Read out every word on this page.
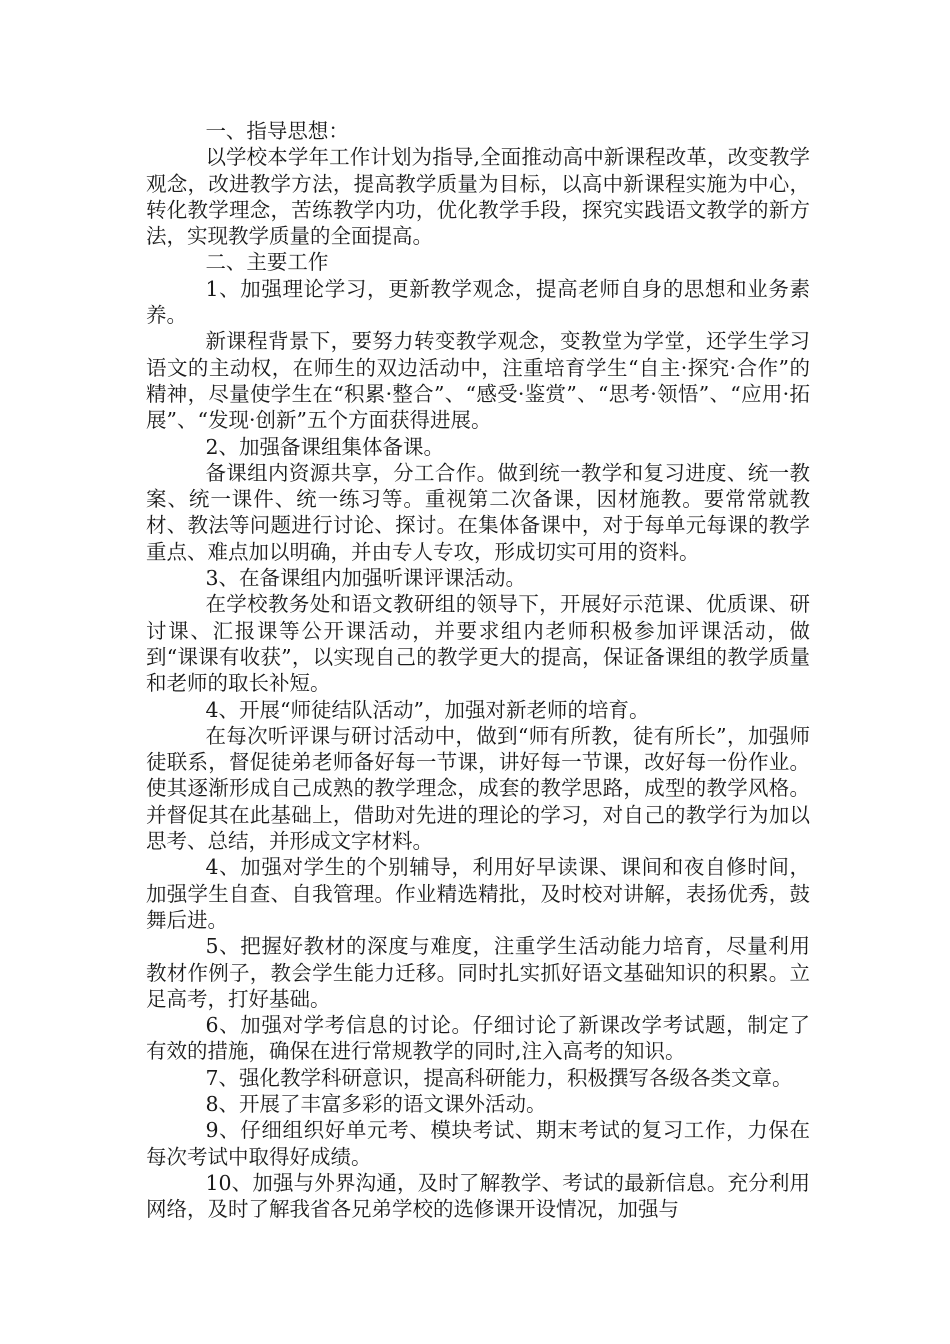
一、指导思想：

以学校本学年工作计划为指导,全面推动高中新课程改革，改变教学观念，改进教学方法，提高教学质量为目标，以高中新课程实施为中心，转化教学理念，苦练教学内功，优化教学手段，探究实践语文教学的新方法，实现教学质量的全面提高。

二、主要工作

1、加强理论学习，更新教学观念，提高老师自身的思想和业务素养。

新课程背景下，要努力转变教学观念，变教堂为学堂，还学生学习语文的主动权，在师生的双边活动中，注重培育学生“自主·探究·合作”的精神，尽量使学生在“积累·整合”、“感受·鉴赏”、“思考·领悟”、“应用·拓展”、“发现·创新”五个方面获得进展。

2、加强备课组集体备课。

备课组内资源共享，分工合作。做到统一教学和复习进度、统一教案、统一课件、统一练习等。重视第二次备课，因材施教。要常常就教材、教法等问题进行讨论、探讨。在集体备课中，对于每单元每课的教学重点、难点加以明确，并由专人专攻，形成切实可用的资料。

3、在备课组内加强听课评课活动。

在学校教务处和语文教研组的领导下，开展好示范课、优质课、研讨课、汇报课等公开课活动，并要求组内老师积极参加评课活动，做到“课课有收获”，以实现自己的教学更大的提高，保证备课组的教学质量和老师的取长补短。

4、开展“师徒结队活动”，加强对新老师的培育。

在每次听评课与研讨活动中，做到“师有所教，徒有所长”，加强师徒联系，督促徒弟老师备好每一节课，讲好每一节课，改好每一份作业。使其逐渐形成自己成熟的教学理念，成套的教学思路，成型的教学风格。并督促其在此基础上，借助对先进的理论的学习，对自己的教学行为加以思考、总结，并形成文字材料。

4、加强对学生的个别辅导，利用好早读课、课间和夜自修时间，加强学生自查、自我管理。作业精选精批，及时校对讲解，表扬优秀，鼓舞后进。

5、把握好教材的深度与难度，注重学生活动能力培育，尽量利用教材作例子，教会学生能力迁移。同时扎实抓好语文基础知识的积累。立足高考，打好基础。

6、加强对学考信息的讨论。仔细讨论了新课改学考试题，制定了有效的措施，确保在进行常规教学的同时,注入高考的知识。

7、强化教学科研意识，提高科研能力，积极撰写各级各类文章。

8、开展了丰富多彩的语文课外活动。

9、仔细组织好单元考、模块考试、期末考试的复习工作，力保在每次考试中取得好成绩。

10、加强与外界沟通，及时了解教学、考试的最新信息。充分利用网络，及时了解我省各兄弟学校的选修课开设情况，加强与
